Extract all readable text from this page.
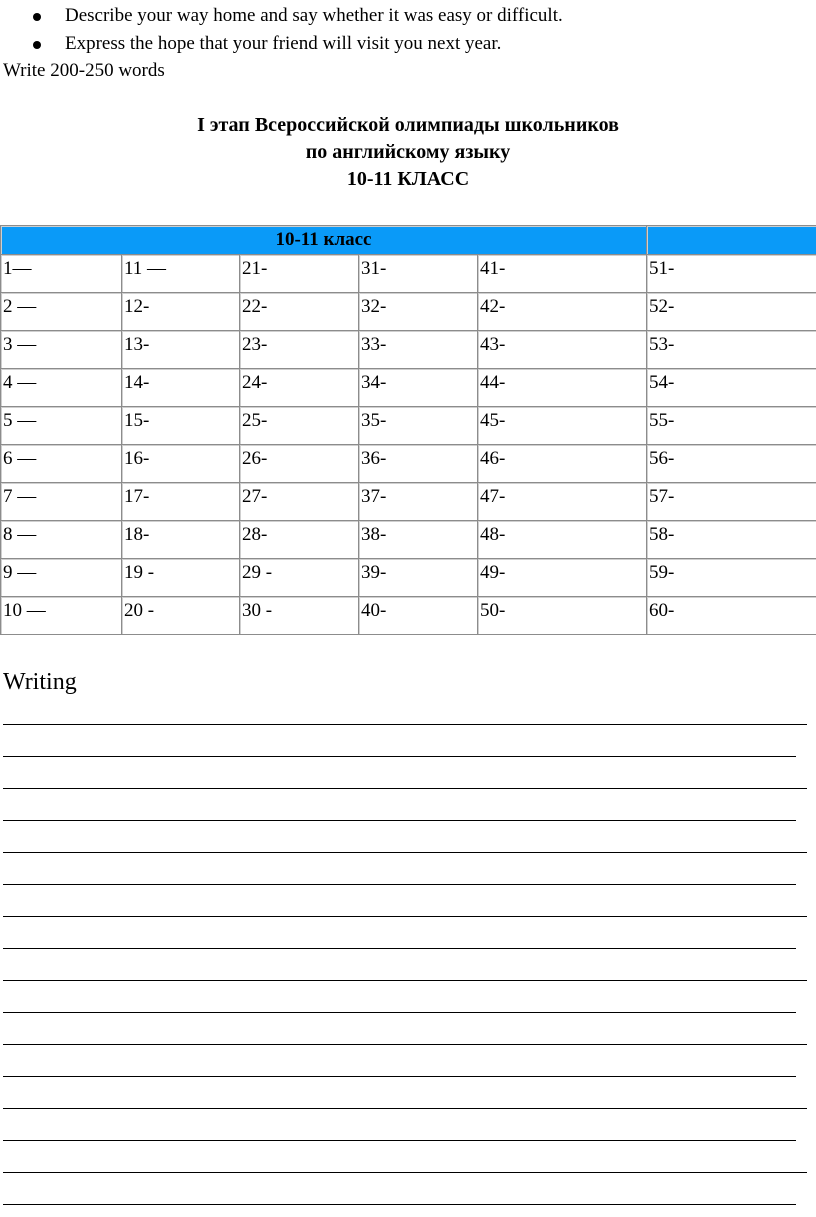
Describe your way home and say whether it was easy or difficult.
Express the hope that your friend will visit you next year.
Write 200-250 words
I этап Всероссийской олимпиады школьников
по английскому языку
10-11 КЛАСС
10-11 класс					
1—	11 —	21-	31-	41-	51-
2 —	12-	22-	32-	42-	52-
3 —	13-	23-	33-	43-	53-
4 —	14-	24-	34-	44-	54-
5 —	15-	25-	35-	45-	55-
6 —	16-	26-	36-	46-	56-
7 —	17-	27-	37-	47-	57-
8 —	18-	28-	38-	48-	58-
9 —	19 -	29 -	39-	49-	59-
10 —	20 -	30 -	40-	50-	60-
Writing
